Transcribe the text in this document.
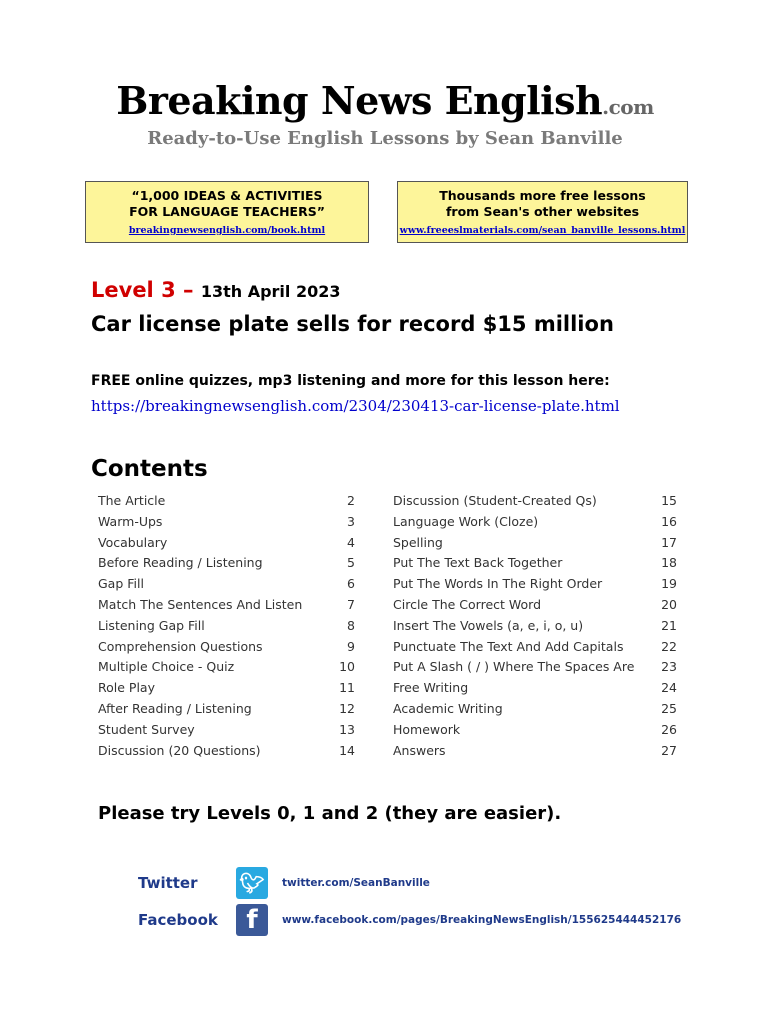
Breaking News English.com
Ready-to-Use English Lessons by Sean Banville
“1,000 IDEAS & ACTIVITIES
FOR LANGUAGE TEACHERS”
breakingnewsenglish.com/book.html
Thousands more free lessons
from Sean's other websites
www.freeeslmaterials.com/sean_banville_lessons.html
Level 3 – 13th April 2023
Car license plate sells for record $15 million
FREE online quizzes, mp3 listening and more for this lesson here:
https://breakingnewsenglish.com/2304/230413-car-license-plate.html
Contents
The Article	2
Warm-Ups	3
Vocabulary	4
Before Reading / Listening	5
Gap Fill	6
Match The Sentences And Listen	7
Listening Gap Fill	8
Comprehension Questions	9
Multiple Choice - Quiz	10
Role Play	11
After Reading / Listening	12
Student Survey	13
Discussion (20 Questions)	14
Discussion (Student-Created Qs)	15
Language Work (Cloze)	16
Spelling	17
Put The Text Back Together	18
Put The Words In The Right Order	19
Circle The Correct Word	20
Insert The Vowels (a, e, i, o, u)	21
Punctuate The Text And Add Capitals	22
Put A Slash ( / ) Where The Spaces Are	23
Free Writing	24
Academic Writing	25
Homework	26
Answers	27
Please try Levels 0, 1 and 2 (they are easier).
Twitter 🐦︎	twitter.com/SeanBanville
Facebook	f	www.facebook.com/pages/BreakingNewsEnglish/155625444452176
